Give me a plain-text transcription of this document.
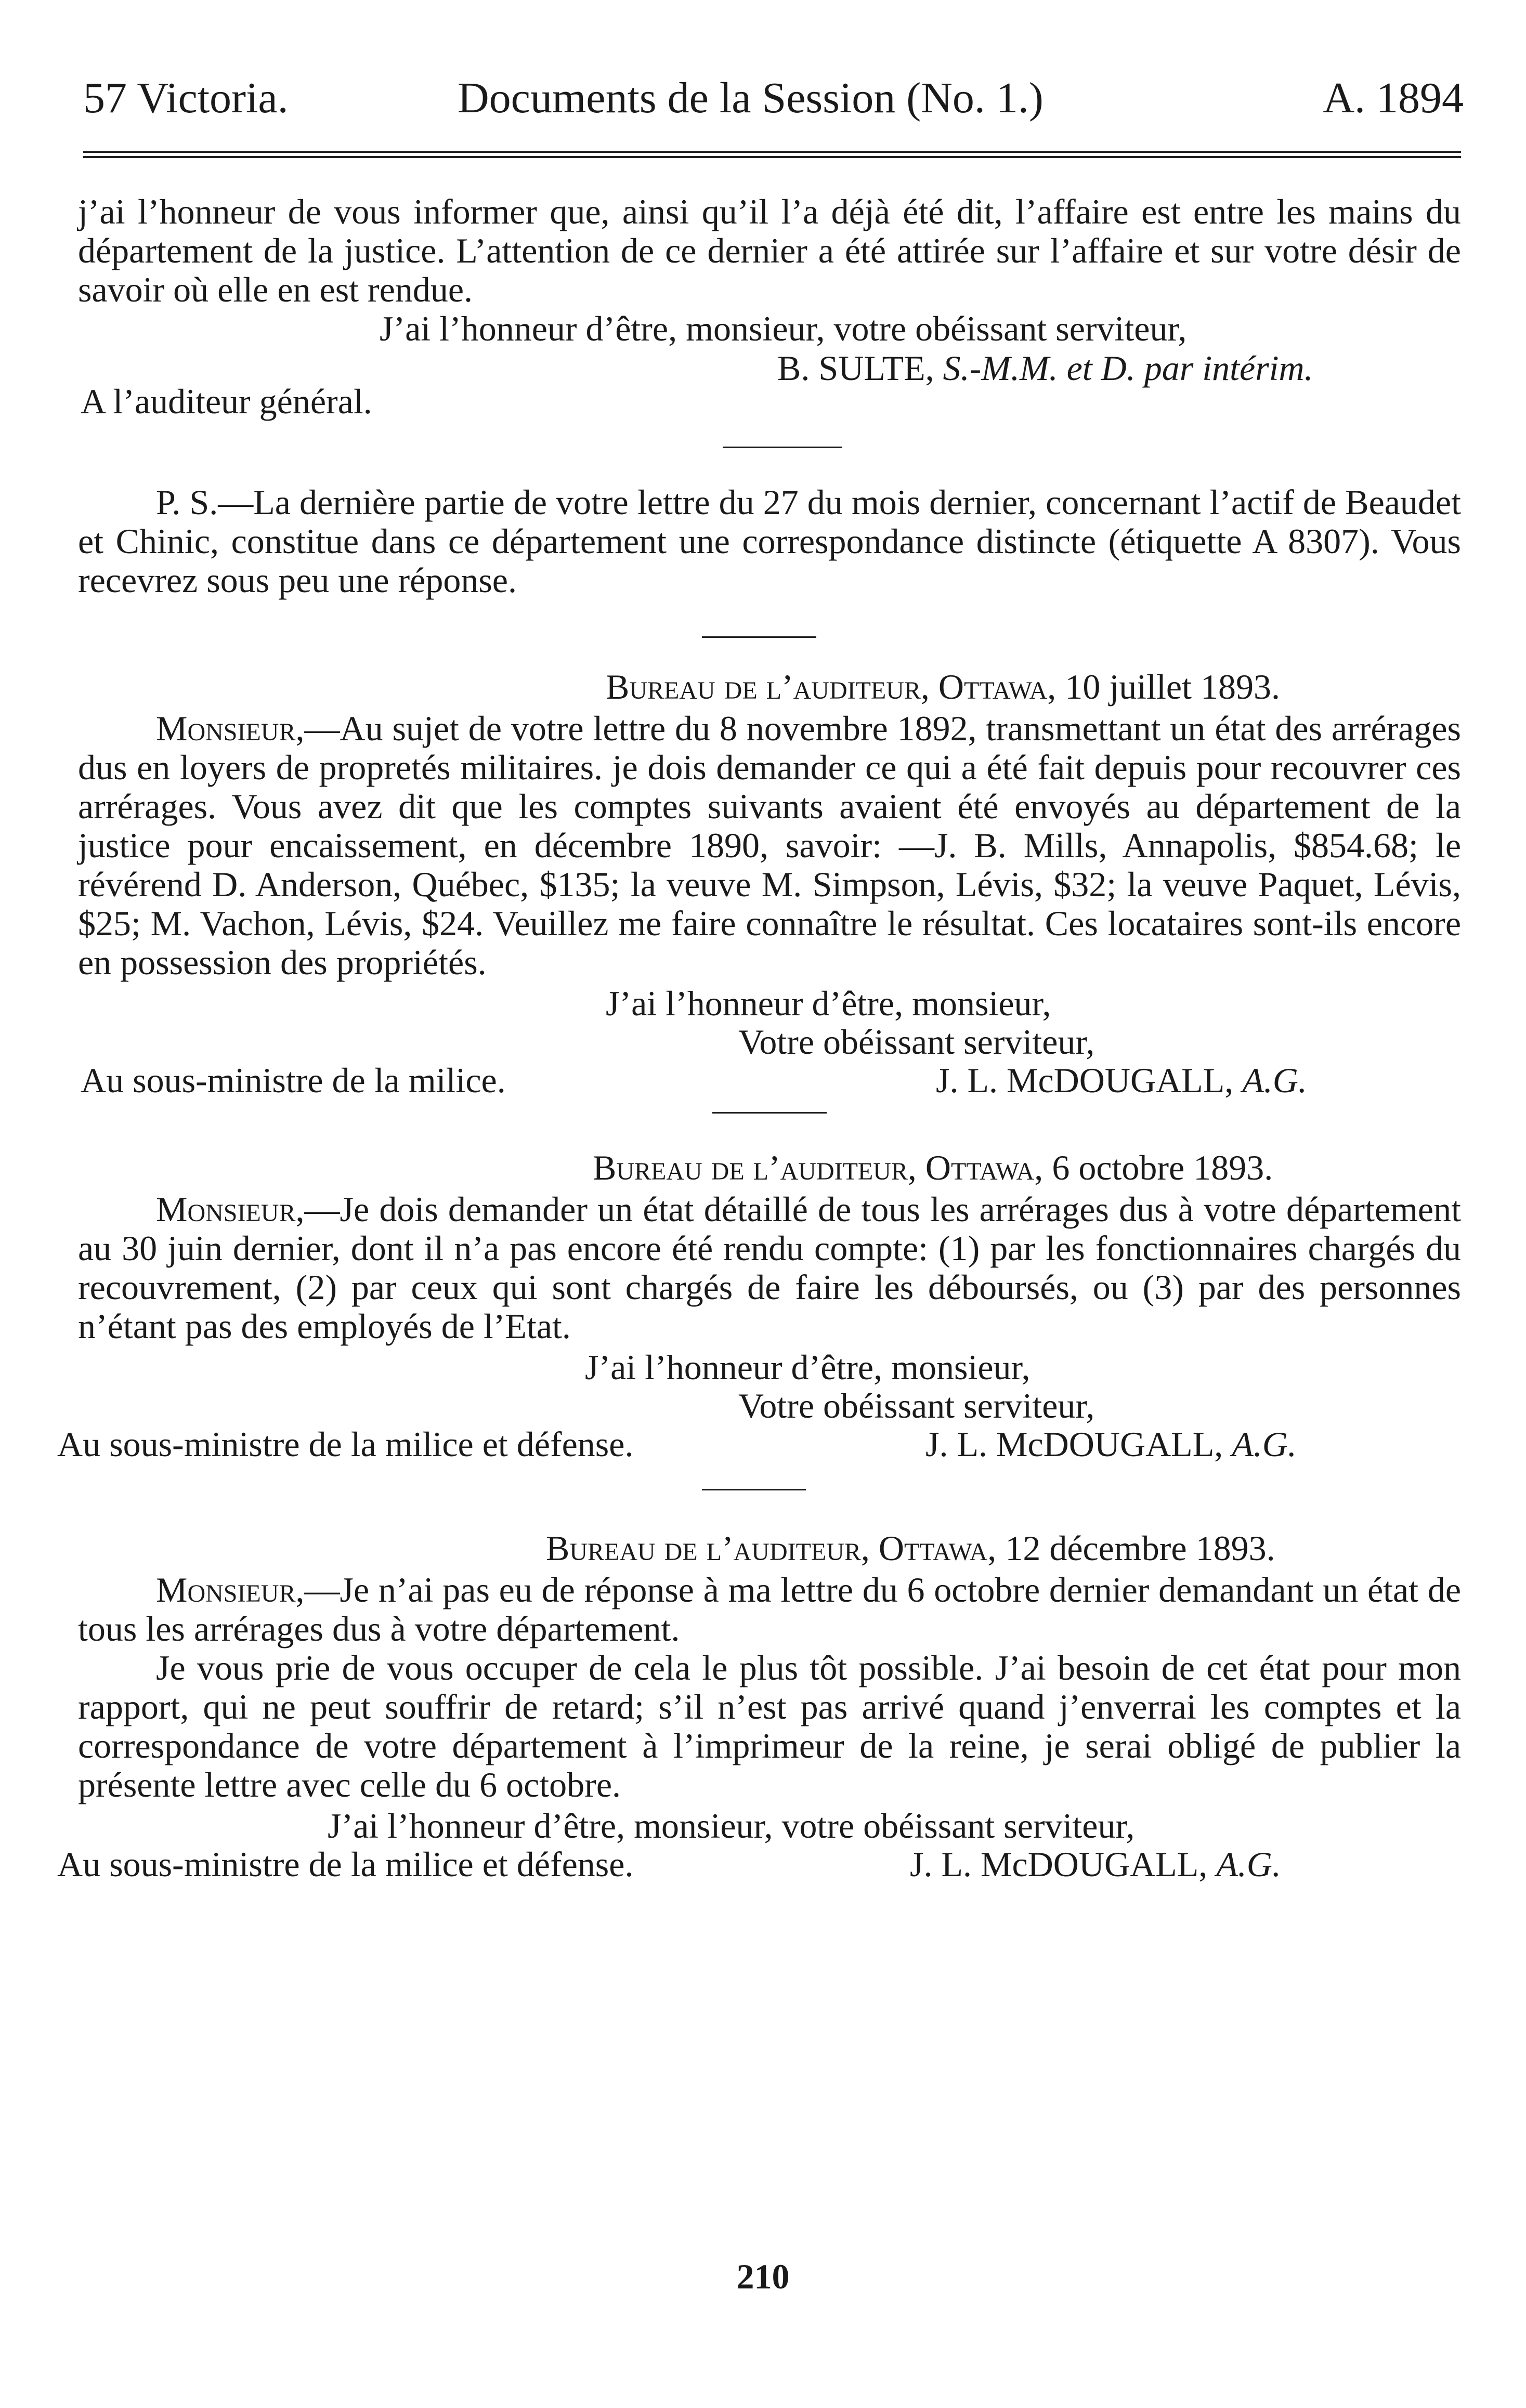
57 Victoria.	Documents de la Session (No. 1.)	A. 1894

j’ai l’honneur de vous informer que, ainsi qu’il l’a déjà été dit, l’affaire est entre les mains du département de la justice. L’attention de ce dernier a été attirée sur l’affaire et sur votre désir de savoir où elle en est rendue.

J’ai l’honneur d’être, monsieur, votre obéissant serviteur,
B. SULTE, S.-M.M. et D. par intérim.
A l’auditeur général.

P. S.—La dernière partie de votre lettre du 27 du mois dernier, concernant l’actif de Beaudet et Chinic, constitue dans ce département une correspondance distincte (étiquette A 8307). Vous recevrez sous peu une réponse.

Bureau de l’auditeur, Ottawa, 10 juillet 1893.

Monsieur,—Au sujet de votre lettre du 8 novembre 1892, transmettant un état des arrérages dus en loyers de propretés militaires. je dois demander ce qui a été fait depuis pour recouvrer ces arrérages. Vous avez dit que les comptes suivants avaient été envoyés au département de la justice pour encaissement, en décembre 1890, savoir: —J. B. Mills, Annapolis, $854.68; le révérend D. Anderson, Québec, $135; la veuve M. Simpson, Lévis, $32; la veuve Paquet, Lévis, $25; M. Vachon, Lévis, $24. Veuillez me faire connaître le résultat. Ces locataires sont-ils encore en possession des propriétés.

J’ai l’honneur d’être, monsieur,
Votre obéissant serviteur,
Au sous-ministre de la milice.	J. L. McDOUGALL, A.G.
Bureau de l’auditeur, Ottawa, 6 octobre 1893.

Monsieur,—Je dois demander un état détaillé de tous les arrérages dus à votre département au 30 juin dernier, dont il n’a pas encore été rendu compte: (1) par les fonctionnaires chargés du recouvrement, (2) par ceux qui sont chargés de faire les déboursés, ou (3) par des personnes n’étant pas des employés de l’Etat.

J’ai l’honneur d’être, monsieur,
Votre obéissant serviteur,
Au sous-ministre de la milice et défense.	J. L. McDOUGALL, A.G.
Bureau de l’auditeur, Ottawa, 12 décembre 1893.

Monsieur,—Je n’ai pas eu de réponse à ma lettre du 6 octobre dernier demandant un état de tous les arrérages dus à votre département.

Je vous prie de vous occuper de cela le plus tôt possible. J’ai besoin de cet état pour mon rapport, qui ne peut souffrir de retard; s’il n’est pas arrivé quand j’enverrai les comptes et la correspondance de votre département à l’imprimeur de la reine, je serai obligé de publier la présente lettre avec celle du 6 octobre.

J’ai l’honneur d’être, monsieur, votre obéissant serviteur,
Au sous-ministre de la milice et défense.	J. L. McDOUGALL, A.G.
210
